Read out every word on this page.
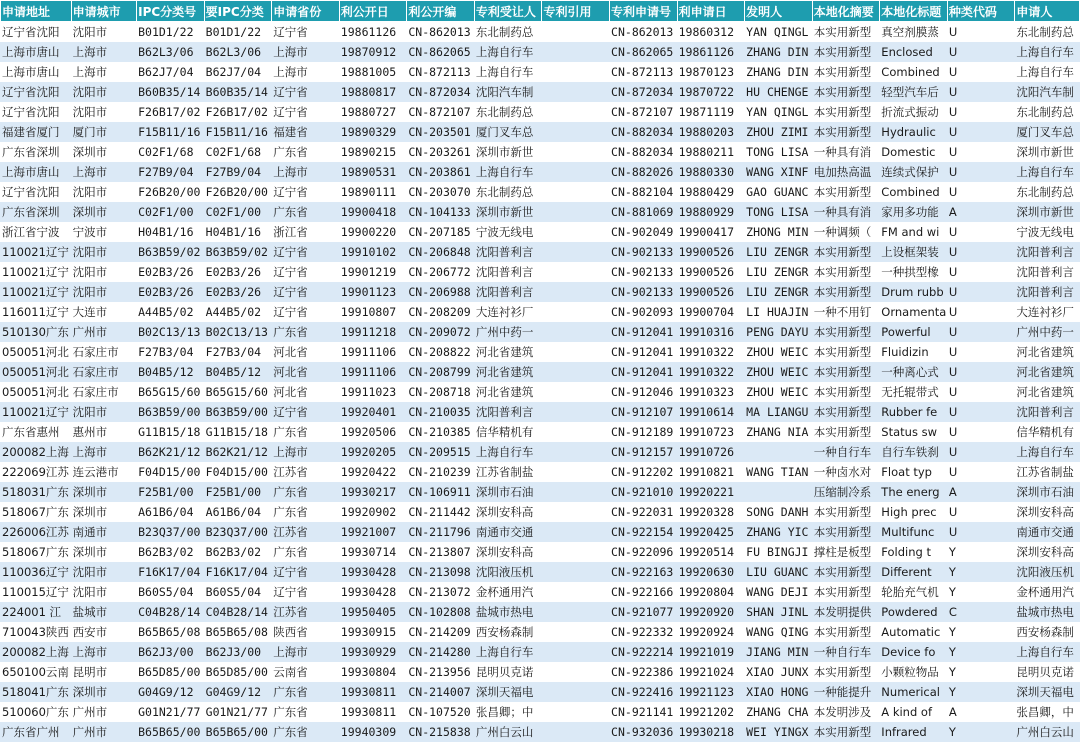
申请地址	申请城市	IPC分类号	要IPC分类	申请省份	利公开日	利公开编	专利受让人	专利引用	专利申请号	利申请日	发明人	本地化摘要	本地化标题	种类代码	申请人
辽宁省沈阳	沈阳市	B01D1/22	B01D1/22	辽宁省	19861126	CN-862013	东北制药总		CN-862013	19860312	YAN QINGL	本实用新型	真空剂膜蒸	U	东北制药总
上海市唐山	上海市	B62L3/06	B62L3/06	上海市	19870912	CN-862065	上海自行车		CN-862065	19861126	ZHANG DIN	本实用新型	Enclosed	U	上海自行车
上海市唐山	上海市	B62J7/04	B62J7/04	上海市	19881005	CN-872113	上海自行车		CN-872113	19870123	ZHANG DIN	本实用新型	Combined	U	上海自行车
辽宁省沈阳	沈阳市	B60B35/14	B60B35/14	辽宁省	19880817	CN-872034	沈阳汽车制		CN-872034	19870722	HU CHENGE	本实用新型	轻型汽车后	U	沈阳汽车制
辽宁省沈阳	沈阳市	F26B17/02	F26B17/02	辽宁省	19880727	CN-872107	东北制药总		CN-872107	19871119	YAN QINGL	本实用新型	折流式振动	U	东北制药总
福建省厦门	厦门市	F15B11/16	F15B11/16	福建省	19890329	CN-203501	厦门叉车总		CN-882034	19880203	ZHOU ZIMI	本实用新型	Hydraulic	U	厦门叉车总
广东省深圳	深圳市	C02F1/68	C02F1/68	广东省	19890215	CN-203261	深圳市新世		CN-882034	19880211	TONG LISA	一种具有消	Domestic	U	深圳市新世
上海市唐山	上海市	F27B9/04	F27B9/04	上海市	19890531	CN-203861	上海自行车		CN-882026	19880330	WANG XINF	电加热高温	连续式保护	U	上海自行车
辽宁省沈阳	沈阳市	F26B20/00	F26B20/00	辽宁省	19890111	CN-203070	东北制药总		CN-882104	19880429	GAO GUANC	本实用新型	Combined	U	东北制药总
广东省深圳	深圳市	C02F1/00	C02F1/00	广东省	19900418	CN-104133	深圳市新世		CN-881069	19880929	TONG LISA	一种具有消	家用多功能	A	深圳市新世
浙江省宁波	宁波市	H04B1/16	H04B1/16	浙江省	19900220	CN-207185	宁波无线电		CN-902049	19900417	ZHONG MIN	一种调频（	FM and wi	U	宁波无线电
110021辽宁	沈阳市	B63B59/02	B63B59/02	辽宁省	19910102	CN-206848	沈阳普利言		CN-902133	19900526	LIU ZENGR	本实用新型	上设框架装	U	沈阳普利言
110021辽宁	沈阳市	E02B3/26	E02B3/26	辽宁省	19901219	CN-206772	沈阳普利言		CN-902133	19900526	LIU ZENGR	本实用新型	一种拱型橡	U	沈阳普利言
110021辽宁	沈阳市	E02B3/26	E02B3/26	辽宁省	19901123	CN-206988	沈阳普利言		CN-902133	19900526	LIU ZENGR	本实用新型	Drum rubb	U	沈阳普利言
116011辽宁	大连市	A44B5/02	A44B5/02	辽宁省	19910807	CN-208209	大连衬衫厂		CN-902093	19900704	LI HUAJIN	一种不用钉	Ornamenta	U	大连衬衫厂
510130广东	广州市	B02C13/13	B02C13/13	广东省	19911218	CN-209072	广州中药一		CN-912041	19910316	PENG DAYU	本实用新型	Powerful	U	广州中药一
050051河北	石家庄市	F27B3/04	F27B3/04	河北省	19911106	CN-208822	河北省建筑		CN-912041	19910322	ZHOU WEIC	本实用新型	Fluidizin	U	河北省建筑
050051河北	石家庄市	B04B5/12	B04B5/12	河北省	19911106	CN-208799	河北省建筑		CN-912041	19910322	ZHOU WEIC	本实用新型	一种离心式	U	河北省建筑
050051河北	石家庄市	B65G15/60	B65G15/60	河北省	19911023	CN-208718	河北省建筑		CN-912046	19910323	ZHOU WEIC	本实用新型	无托辊带式	U	河北省建筑
110021辽宁	沈阳市	B63B59/00	B63B59/00	辽宁省	19920401	CN-210035	沈阳普利言		CN-912107	19910614	MA LIANGU	本实用新型	Rubber fe	U	沈阳普利言
广东省惠州	惠州市	G11B15/18	G11B15/18	广东省	19920506	CN-210385	信华精机有		CN-912189	19910723	ZHANG NIA	本实用新型	Status sw	U	信华精机有
200082上海	上海市	B62K21/12	B62K21/12	上海市	19920205	CN-209515	上海自行车		CN-912157	19910726		一种自行车	自行车铁刹	U	上海自行车
222069江苏	连云港市	F04D15/00	F04D15/00	江苏省	19920422	CN-210239	江苏省制盐		CN-912202	19910821	WANG TIAN	一种卤水对	Float typ	U	江苏省制盐
518031广东	深圳市	F25B1/00	F25B1/00	广东省	19930217	CN-106911	深圳市石油		CN-921010	19920221		压缩制冷系	The energ	A	深圳市石油
518067广东	深圳市	A61B6/04	A61B6/04	广东省	19920902	CN-211442	深圳安科高		CN-922031	19920328	SONG DANH	本实用新型	High prec	U	深圳安科高
226006江苏	南通市	B23Q37/00	B23Q37/00	江苏省	19921007	CN-211796	南通市交通		CN-922154	19920425	ZHANG YIC	本实用新型	Multifunc	U	南通市交通
518067广东	深圳市	B62B3/02	B62B3/02	广东省	19930714	CN-213807	深圳安科高		CN-922096	19920514	FU BINGJI	撑柱是板型	Folding t	Y	深圳安科高
110036辽宁	沈阳市	F16K17/04	F16K17/04	辽宁省	19930428	CN-213098	沈阳液压机		CN-922163	19920630	LIU GUANC	本实用新型	Different	Y	沈阳液压机
110015辽宁	沈阳市	B60S5/04	B60S5/04	辽宁省	19930428	CN-213072	金杯通用汽		CN-922166	19920804	WANG DEJI	本实用新型	轮胎充气机	Y	金杯通用汽
224001 江	盐城市	C04B28/14	C04B28/14	江苏省	19950405	CN-102808	盐城市热电		CN-921077	19920920	SHAN JINL	本发明提供	Powdered	C	盐城市热电
710043陕西	西安市	B65B65/08	B65B65/08	陕西省	19930915	CN-214209	西安杨森制		CN-922332	19920924	WANG QING	本实用新型	Automatic	Y	西安杨森制
200082上海	上海市	B62J3/00	B62J3/00	上海市	19930929	CN-214280	上海自行车		CN-922214	19921019	JIANG MIN	一种自行车	Device fo	Y	上海自行车
650100云南	昆明市	B65D85/00	B65D85/00	云南省	19930804	CN-213956	昆明贝克诺		CN-922386	19921024	XIAO JUNX	本实用新型	小颗粒物品	Y	昆明贝克诺
518041广东	深圳市	G04G9/12	G04G9/12	广东省	19930811	CN-214007	深圳天福电		CN-922416	19921123	XIAO HONG	一种能提升	Numerical	Y	深圳天福电
510060广东	广州市	G01N21/77	G01N21/77	广东省	19930811	CN-107520	张昌卿；中		CN-921141	19921202	ZHANG CHA	本发明涉及	A kind of	A	张昌卿，中
广东省广州	广州市	B65B65/00	B65B65/00	广东省	19940309	CN-215838	广州白云山		CN-932036	19930218	WEI YINGX	本实用新型	Infrared	Y	广州白云山
